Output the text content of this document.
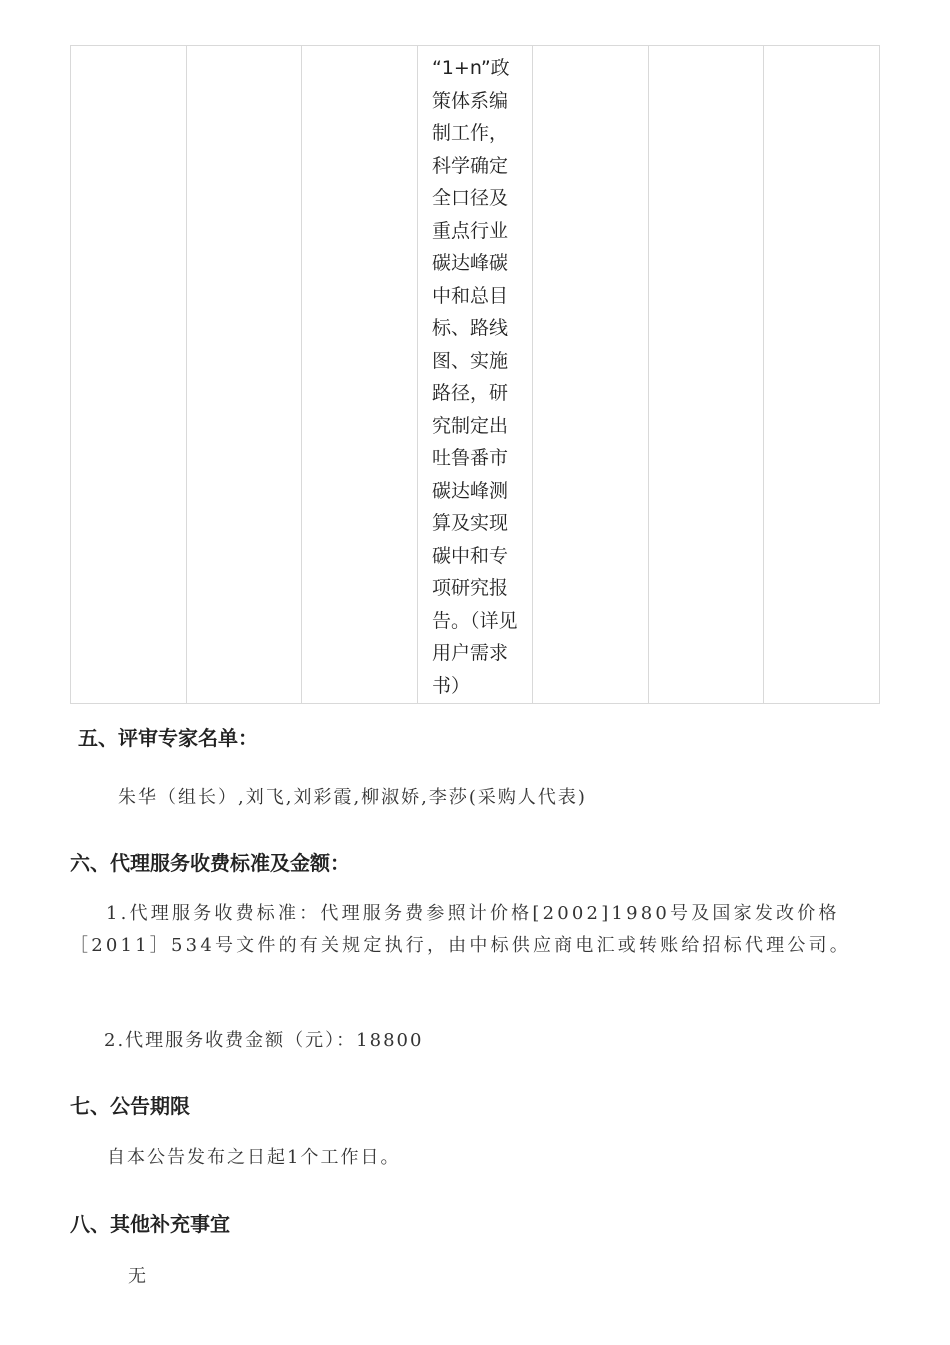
“1+n”政策体系编制工作，科学确定全口径及重点行业碳达峰碳中和总目标、路线图、实施路径，研究制定出吐鲁番市碳达峰测算及实现碳中和专项研究报告。（详见用户需求书）

五、评审专家名单：

朱华（组长）,刘飞,刘彩霞,柳淑娇,李莎(采购人代表)

六、代理服务收费标准及金额：

1.代理服务收费标准：代理服务费参照计价格[2002]1980号及国家发改价格［2011］534号文件的有关规定执行，由中标供应商电汇或转账给招标代理公司。

2.代理服务收费金额（元）：18800

七、公告期限

自本公告发布之日起1个工作日。

八、其他补充事宜

无
